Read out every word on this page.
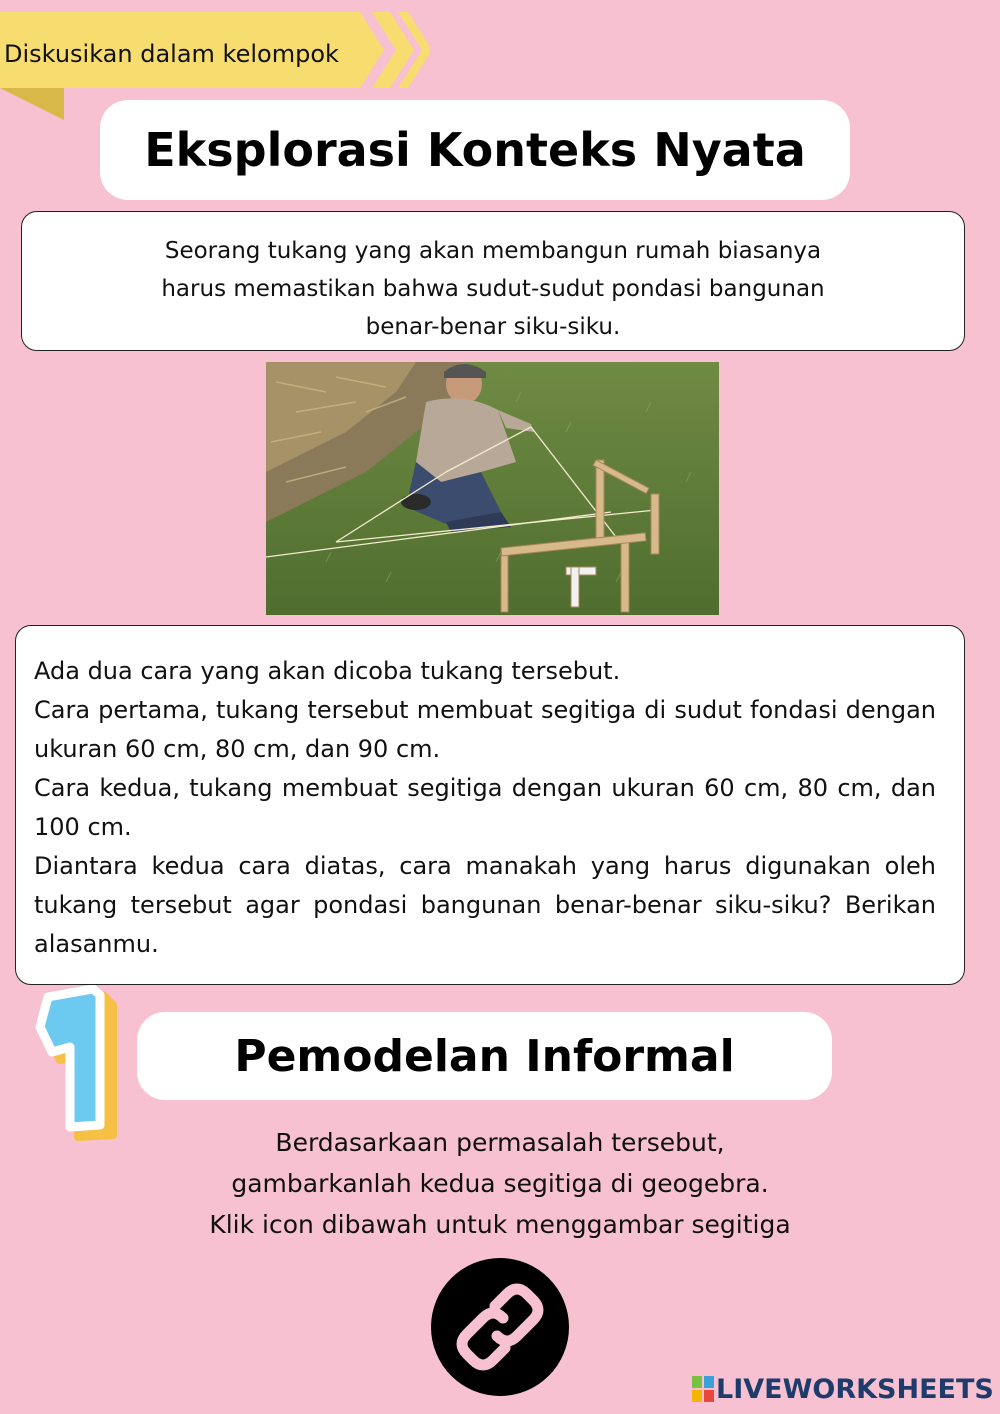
Diskusikan dalam kelompok
Eksplorasi Konteks Nyata
Seorang tukang yang akan membangun rumah biasanya
harus memastikan bahwa sudut-sudut pondasi bangunan
benar-benar siku-siku.

Ada dua cara yang akan dicoba tukang tersebut.

Cara pertama, tukang tersebut membuat segitiga di sudut fondasi dengan ukuran 60 cm, 80 cm, dan 90 cm.

Cara kedua, tukang membuat segitiga dengan ukuran 60 cm, 80 cm, dan 100 cm.

Diantara kedua cara diatas, cara manakah yang harus digunakan oleh tukang tersebut agar pondasi bangunan benar-benar siku-siku? Berikan alasanmu.

1
Pemodelan Informal
Berdasarkaan permasalah tersebut,
gambarkanlah kedua segitiga di geogebra.
Klik icon dibawah untuk menggambar segitiga
LIVEWORKSHEETS
